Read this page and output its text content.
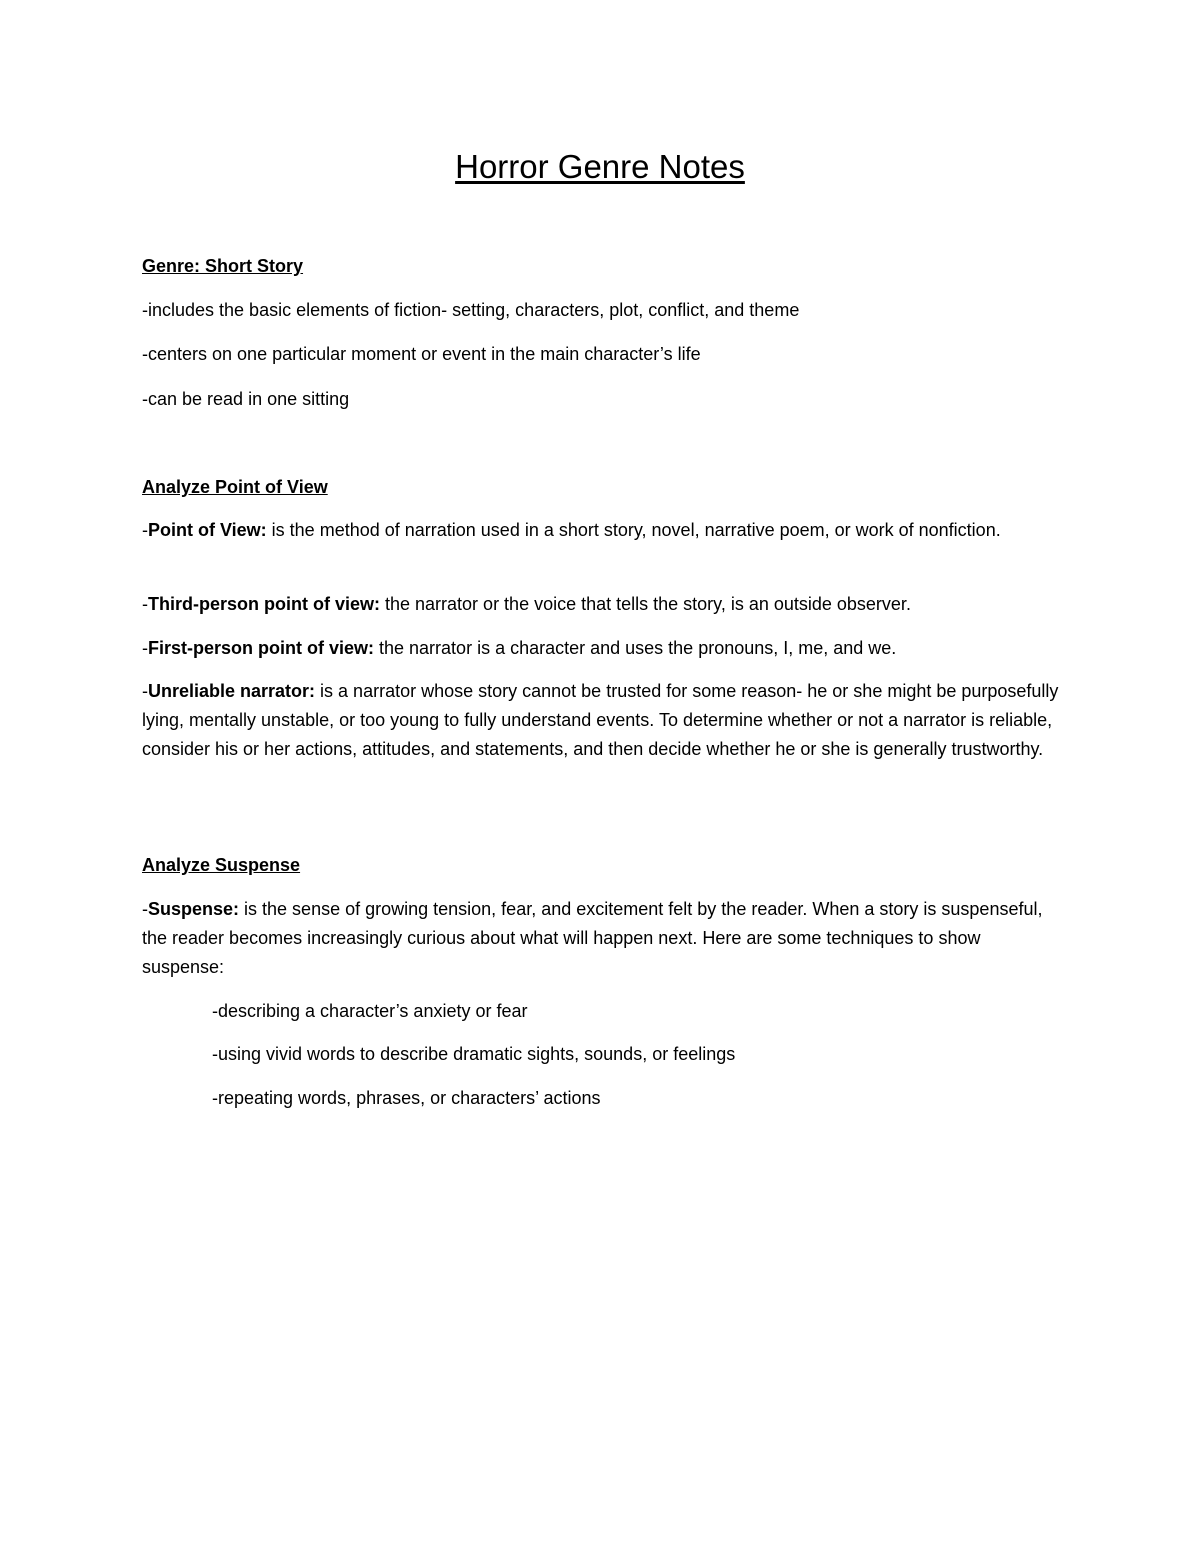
Horror Genre Notes
Genre: Short Story
-includes the basic elements of fiction- setting, characters, plot, conflict, and theme
-centers on one particular moment or event in the main character’s life
-can be read in one sitting
Analyze Point of View
-Point of View: is the method of narration used in a short story, novel, narrative poem, or work of nonfiction.
-Third-person point of view: the narrator or the voice that tells the story, is an outside observer.
-First-person point of view: the narrator is a character and uses the pronouns, I, me, and we.
-Unreliable narrator: is a narrator whose story cannot be trusted for some reason- he or she might be purposefully lying, mentally unstable, or too young to fully understand events. To determine whether or not a narrator is reliable, consider his or her actions, attitudes, and statements, and then decide whether he or she is generally trustworthy.
Analyze Suspense
-Suspense: is the sense of growing tension, fear, and excitement felt by the reader. When a story is suspenseful, the reader becomes increasingly curious about what will happen next. Here are some techniques to show suspense:
-describing a character’s anxiety or fear
-using vivid words to describe dramatic sights, sounds, or feelings
-repeating words, phrases, or characters’ actions
